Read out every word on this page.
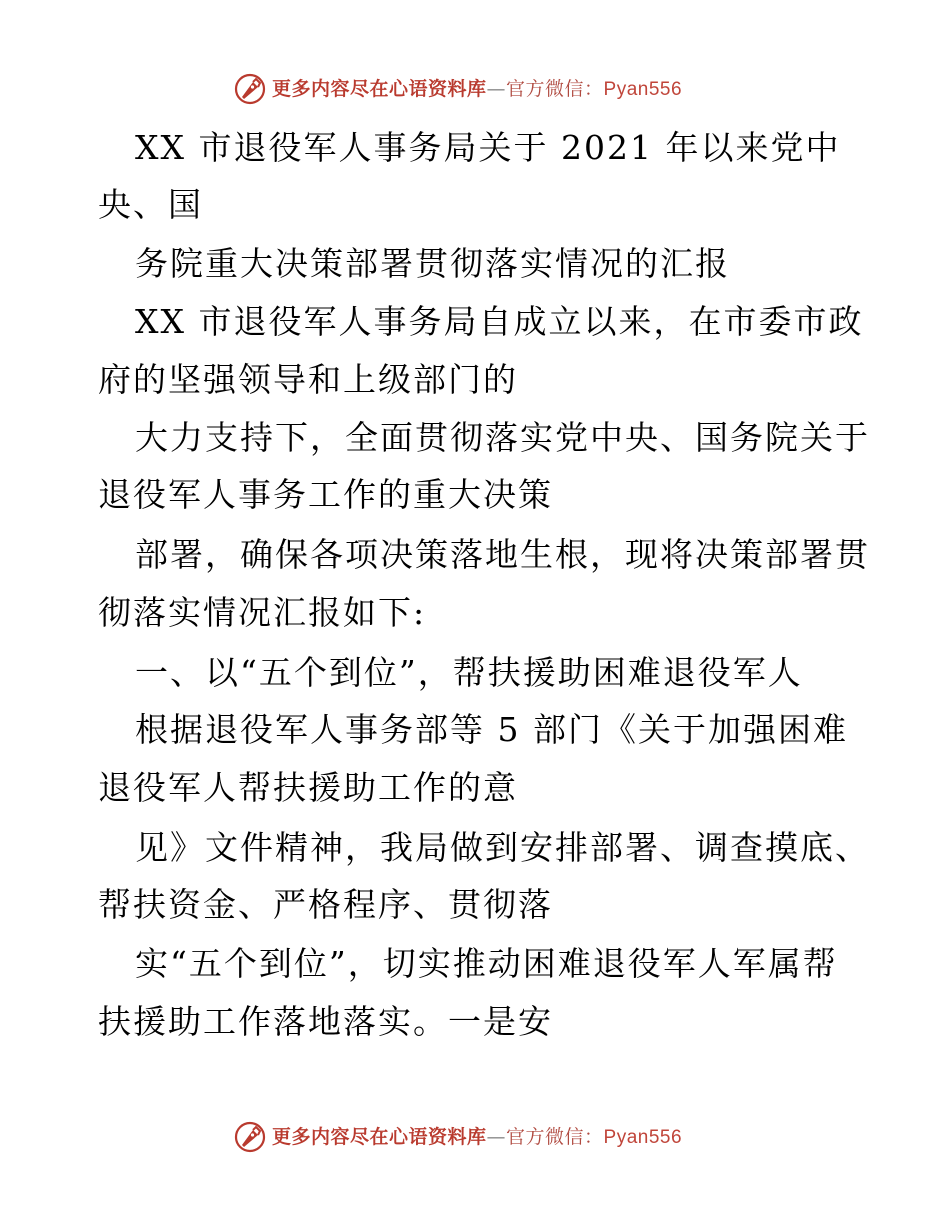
更多内容尽在心语资料库—官方微信：Pyan556
XX 市退役军人事务局关于 2021 年以来党中
央、国
务院重大决策部署贯彻落实情况的汇报
XX 市退役军人事务局自成立以来，在市委市政
府的坚强领导和上级部门的
大力支持下，全面贯彻落实党中央、国务院关于
退役军人事务工作的重大决策
部署，确保各项决策落地生根，现将决策部署贯
彻落实情况汇报如下:
一、以“五个到位”，帮扶援助困难退役军人
根据退役军人事务部等 5 部门《关于加强困难
退役军人帮扶援助工作的意
见》文件精神，我局做到安排部署、调查摸底、
帮扶资金、严格程序、贯彻落
实“五个到位”，切实推动困难退役军人军属帮
扶援助工作落地落实。一是安
更多内容尽在心语资料库—官方微信：Pyan556
